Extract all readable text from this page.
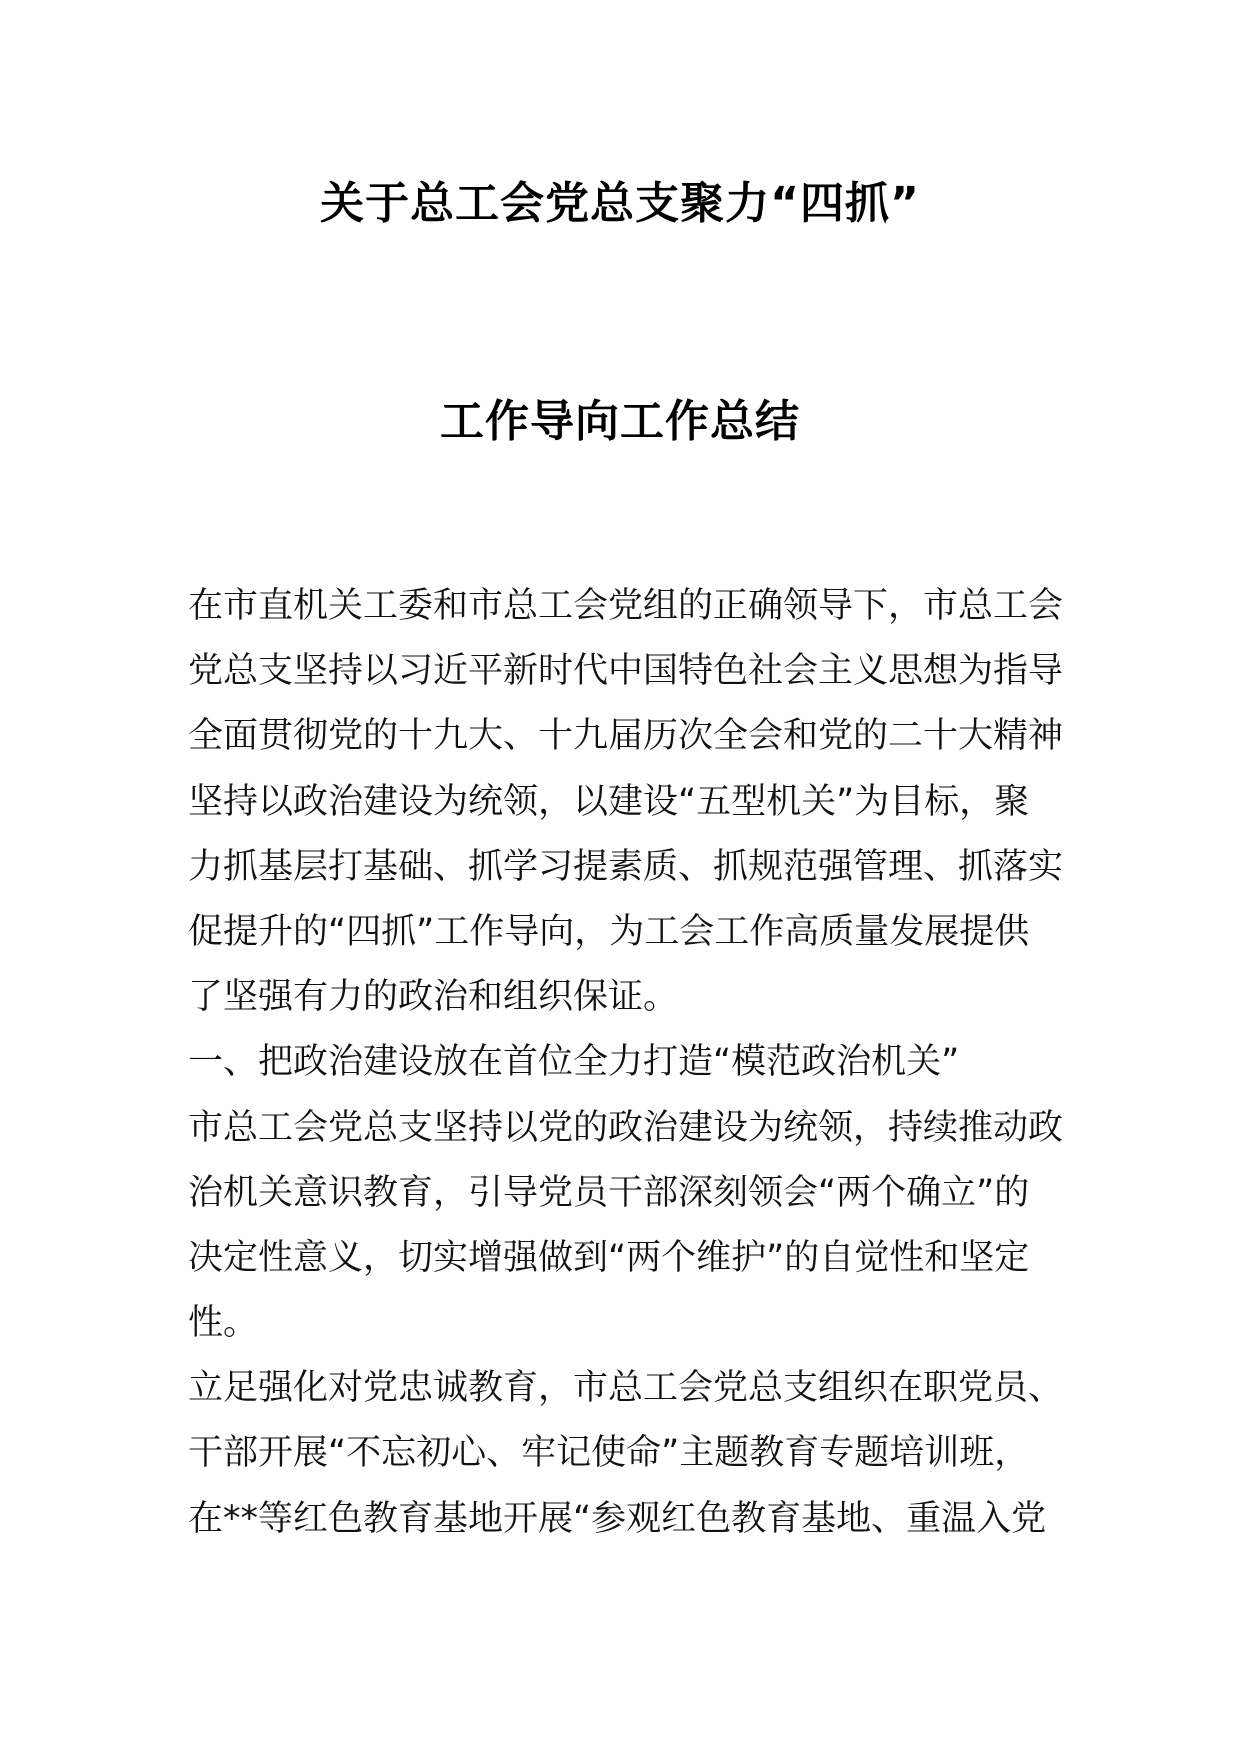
关于总工会党总支聚力“四抓”
工作导向工作总结
在市直机关工委和市总工会党组的正确领导下，市总工会
党总支坚持以习近平新时代中国特色社会主义思想为指导
全面贯彻党的十九大、十九届历次全会和党的二十大精神
坚持以政治建设为统领，以建设“五型机关”为目标，聚
力抓基层打基础、抓学习提素质、抓规范强管理、抓落实
促提升的“四抓”工作导向，为工会工作高质量发展提供
了坚强有力的政治和组织保证。
一、把政治建设放在首位全力打造“模范政治机关”
市总工会党总支坚持以党的政治建设为统领，持续推动政
治机关意识教育，引导党员干部深刻领会“两个确立”的
决定性意义，切实增强做到“两个维护”的自觉性和坚定
性。
立足强化对党忠诚教育，市总工会党总支组织在职党员、
干部开展“不忘初心、牢记使命”主题教育专题培训班，
在**等红色教育基地开展“参观红色教育基地、重温入党
